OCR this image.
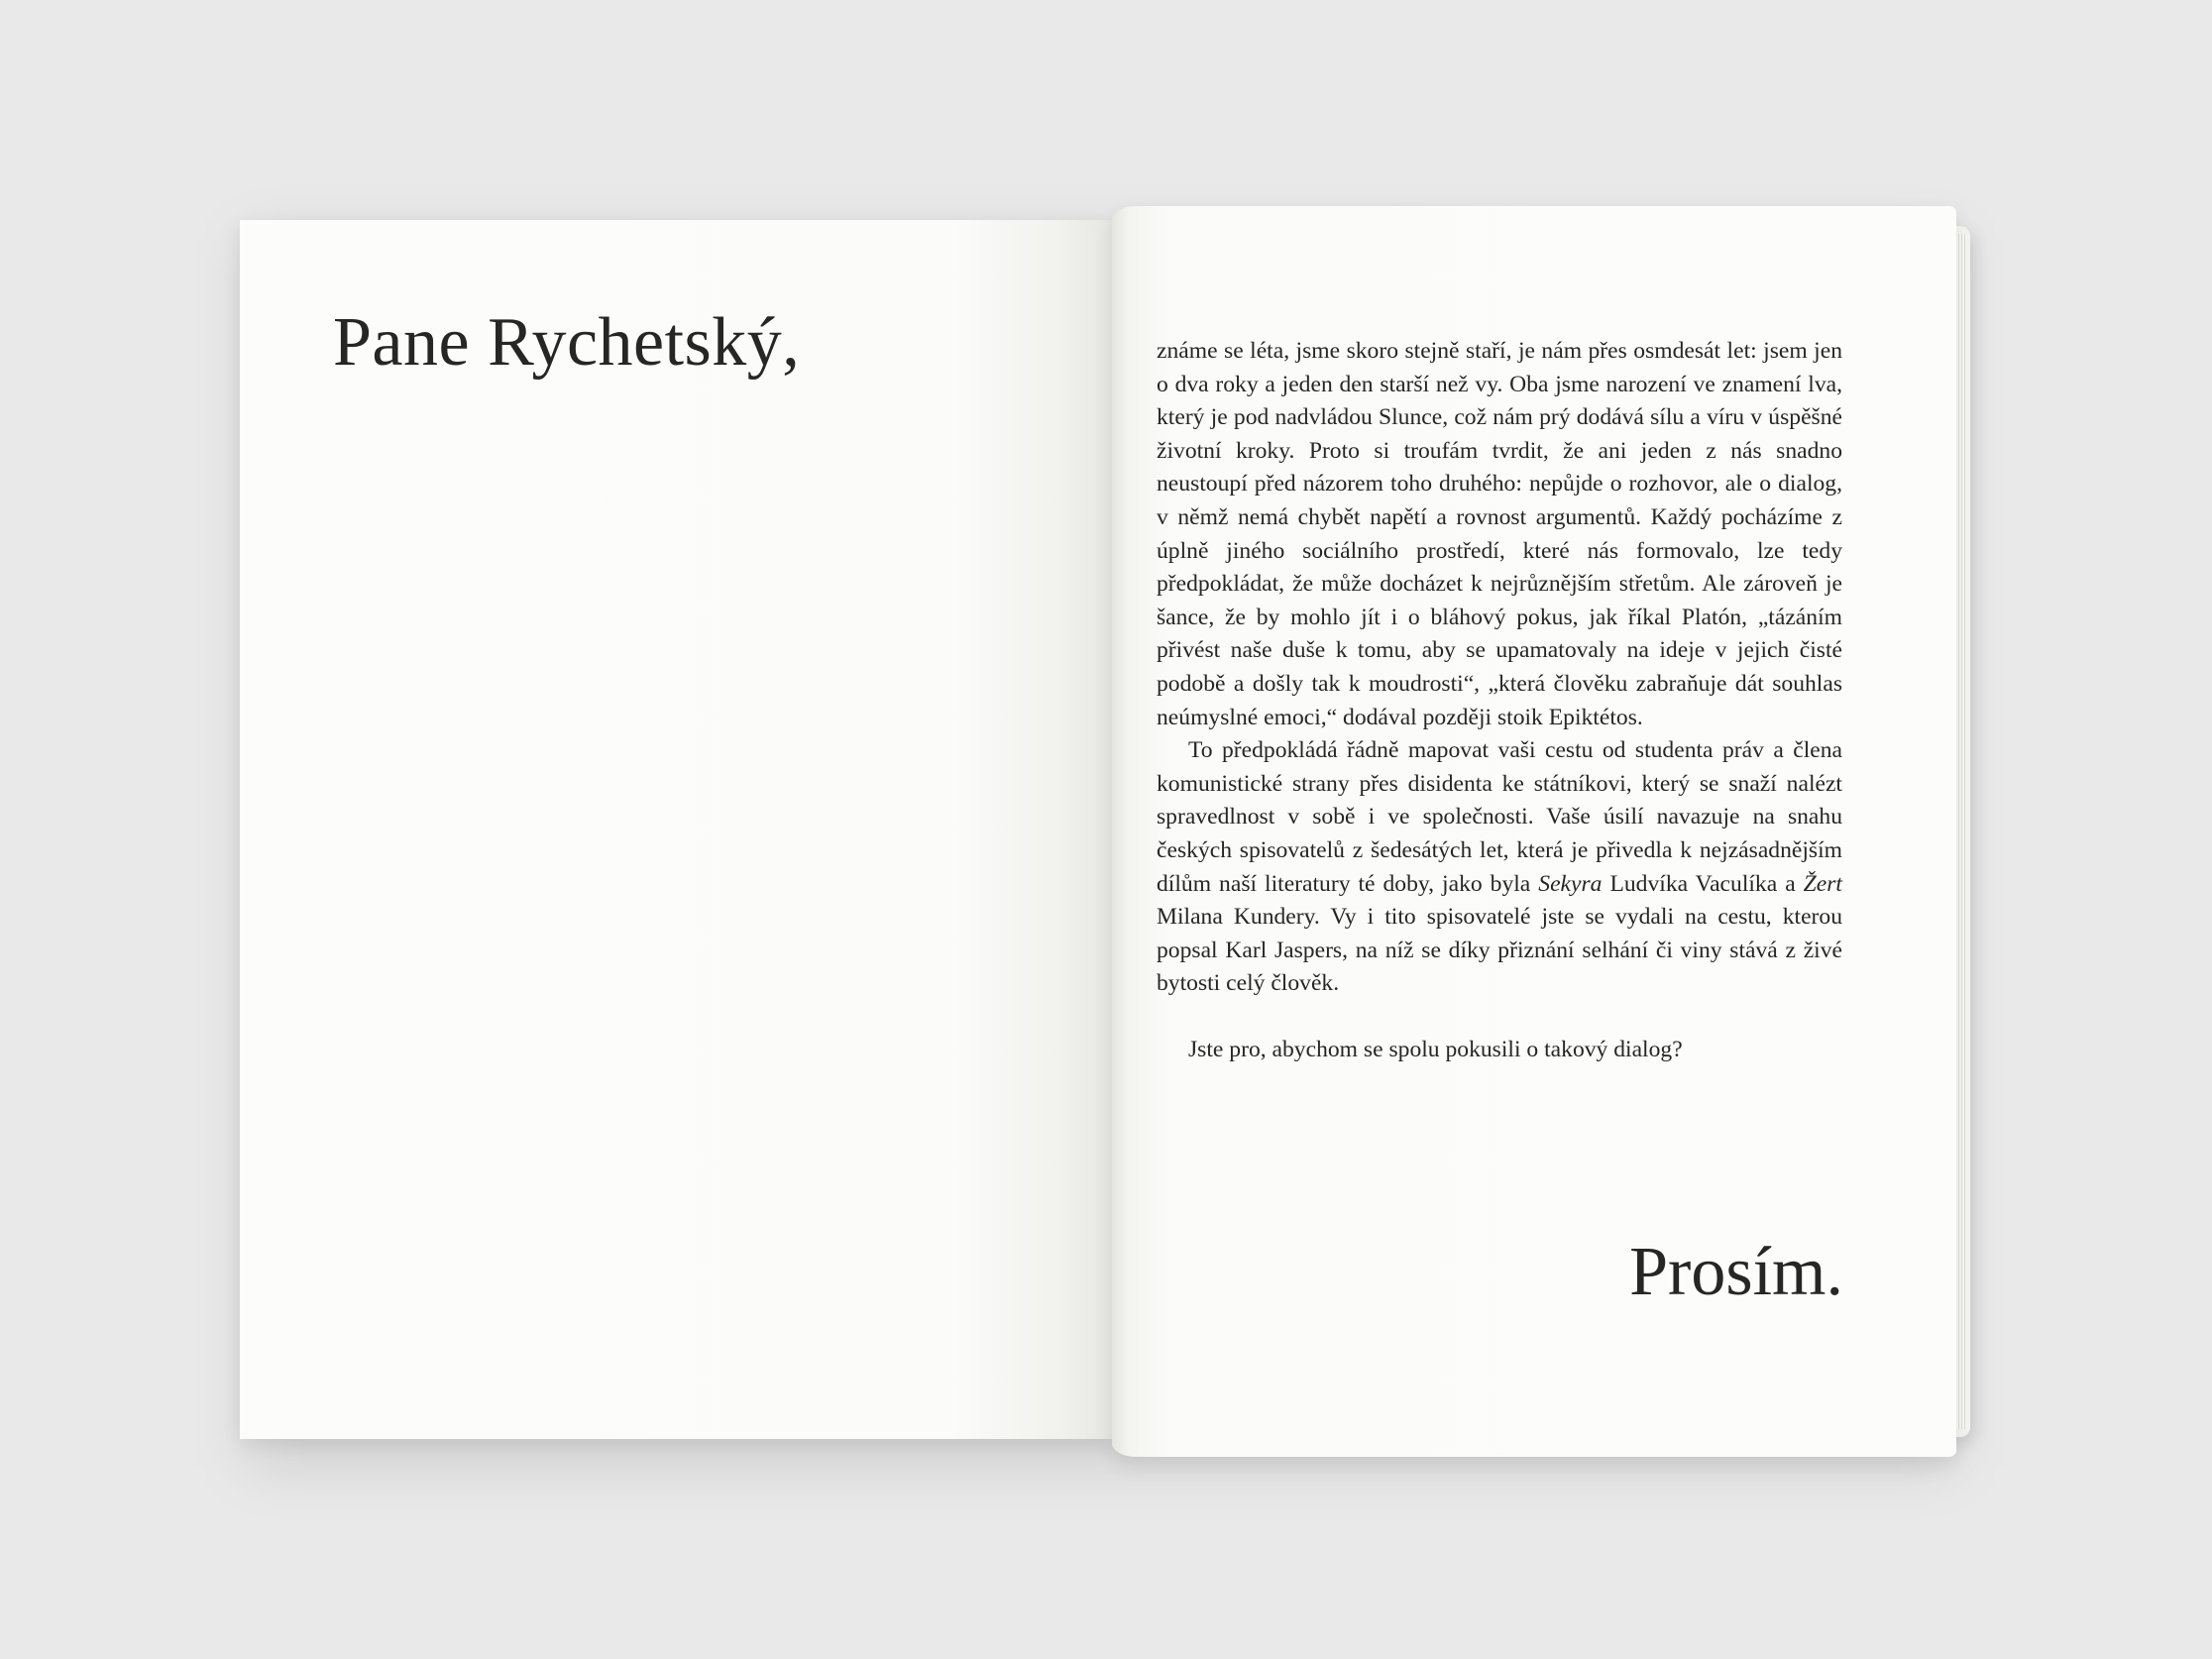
Pane Rychetský,	známe se léta, jsme skoro stejně staří, je nám přes osmdesát let: jsem jen o dva roky a jeden den starší než vy. Oba jsme narození ve znamení lva, který je pod nadvládou Slunce, což nám prý dodává sílu a víru v úspěšné životní kroky. Proto si troufám tvrdit, že ani jeden z nás snadno neustoupí před názorem toho druhého: nepůjde o rozhovor, ale o dialog, v němž nemá chybět napětí a rovnost argumentů. Každý pocházíme z úplně jiného sociálního prostředí, které nás formovalo, lze tedy předpokládat, že může docházet k nejrůznějším střetům. Ale zároveň je šance, že by mohlo jít i o bláhový pokus, jak říkal Platón, „tázáním přivést naše duše k tomu, aby se upamatovaly na ideje v jejich čisté podobě a došly tak k moudrosti“, „která člověku zabraňuje dát souhlas neúmyslné emoci,“ dodával později stoik Epiktétos.

To předpokládá řádně mapovat vaši cestu od studenta práv a člena komunistické strany přes disidenta ke státníkovi, který se snaží nalézt spravedlnost v sobě i ve společnosti. Vaše úsilí navazuje na snahu českých spisovatelů z šedesátých let, která je přivedla k nejzásadnějším dílům naší literatury té doby, jako byla Sekyra Ludvíka Vaculíka a Žert Milana Kundery. Vy i tito spisovatelé jste se vydali na cestu, kterou popsal Karl Jaspers, na níž se díky přiznání selhání či viny stává z živé bytosti celý člověk.

Jste pro, abychom se spolu pokusili o takový dialog?

Prosím.
